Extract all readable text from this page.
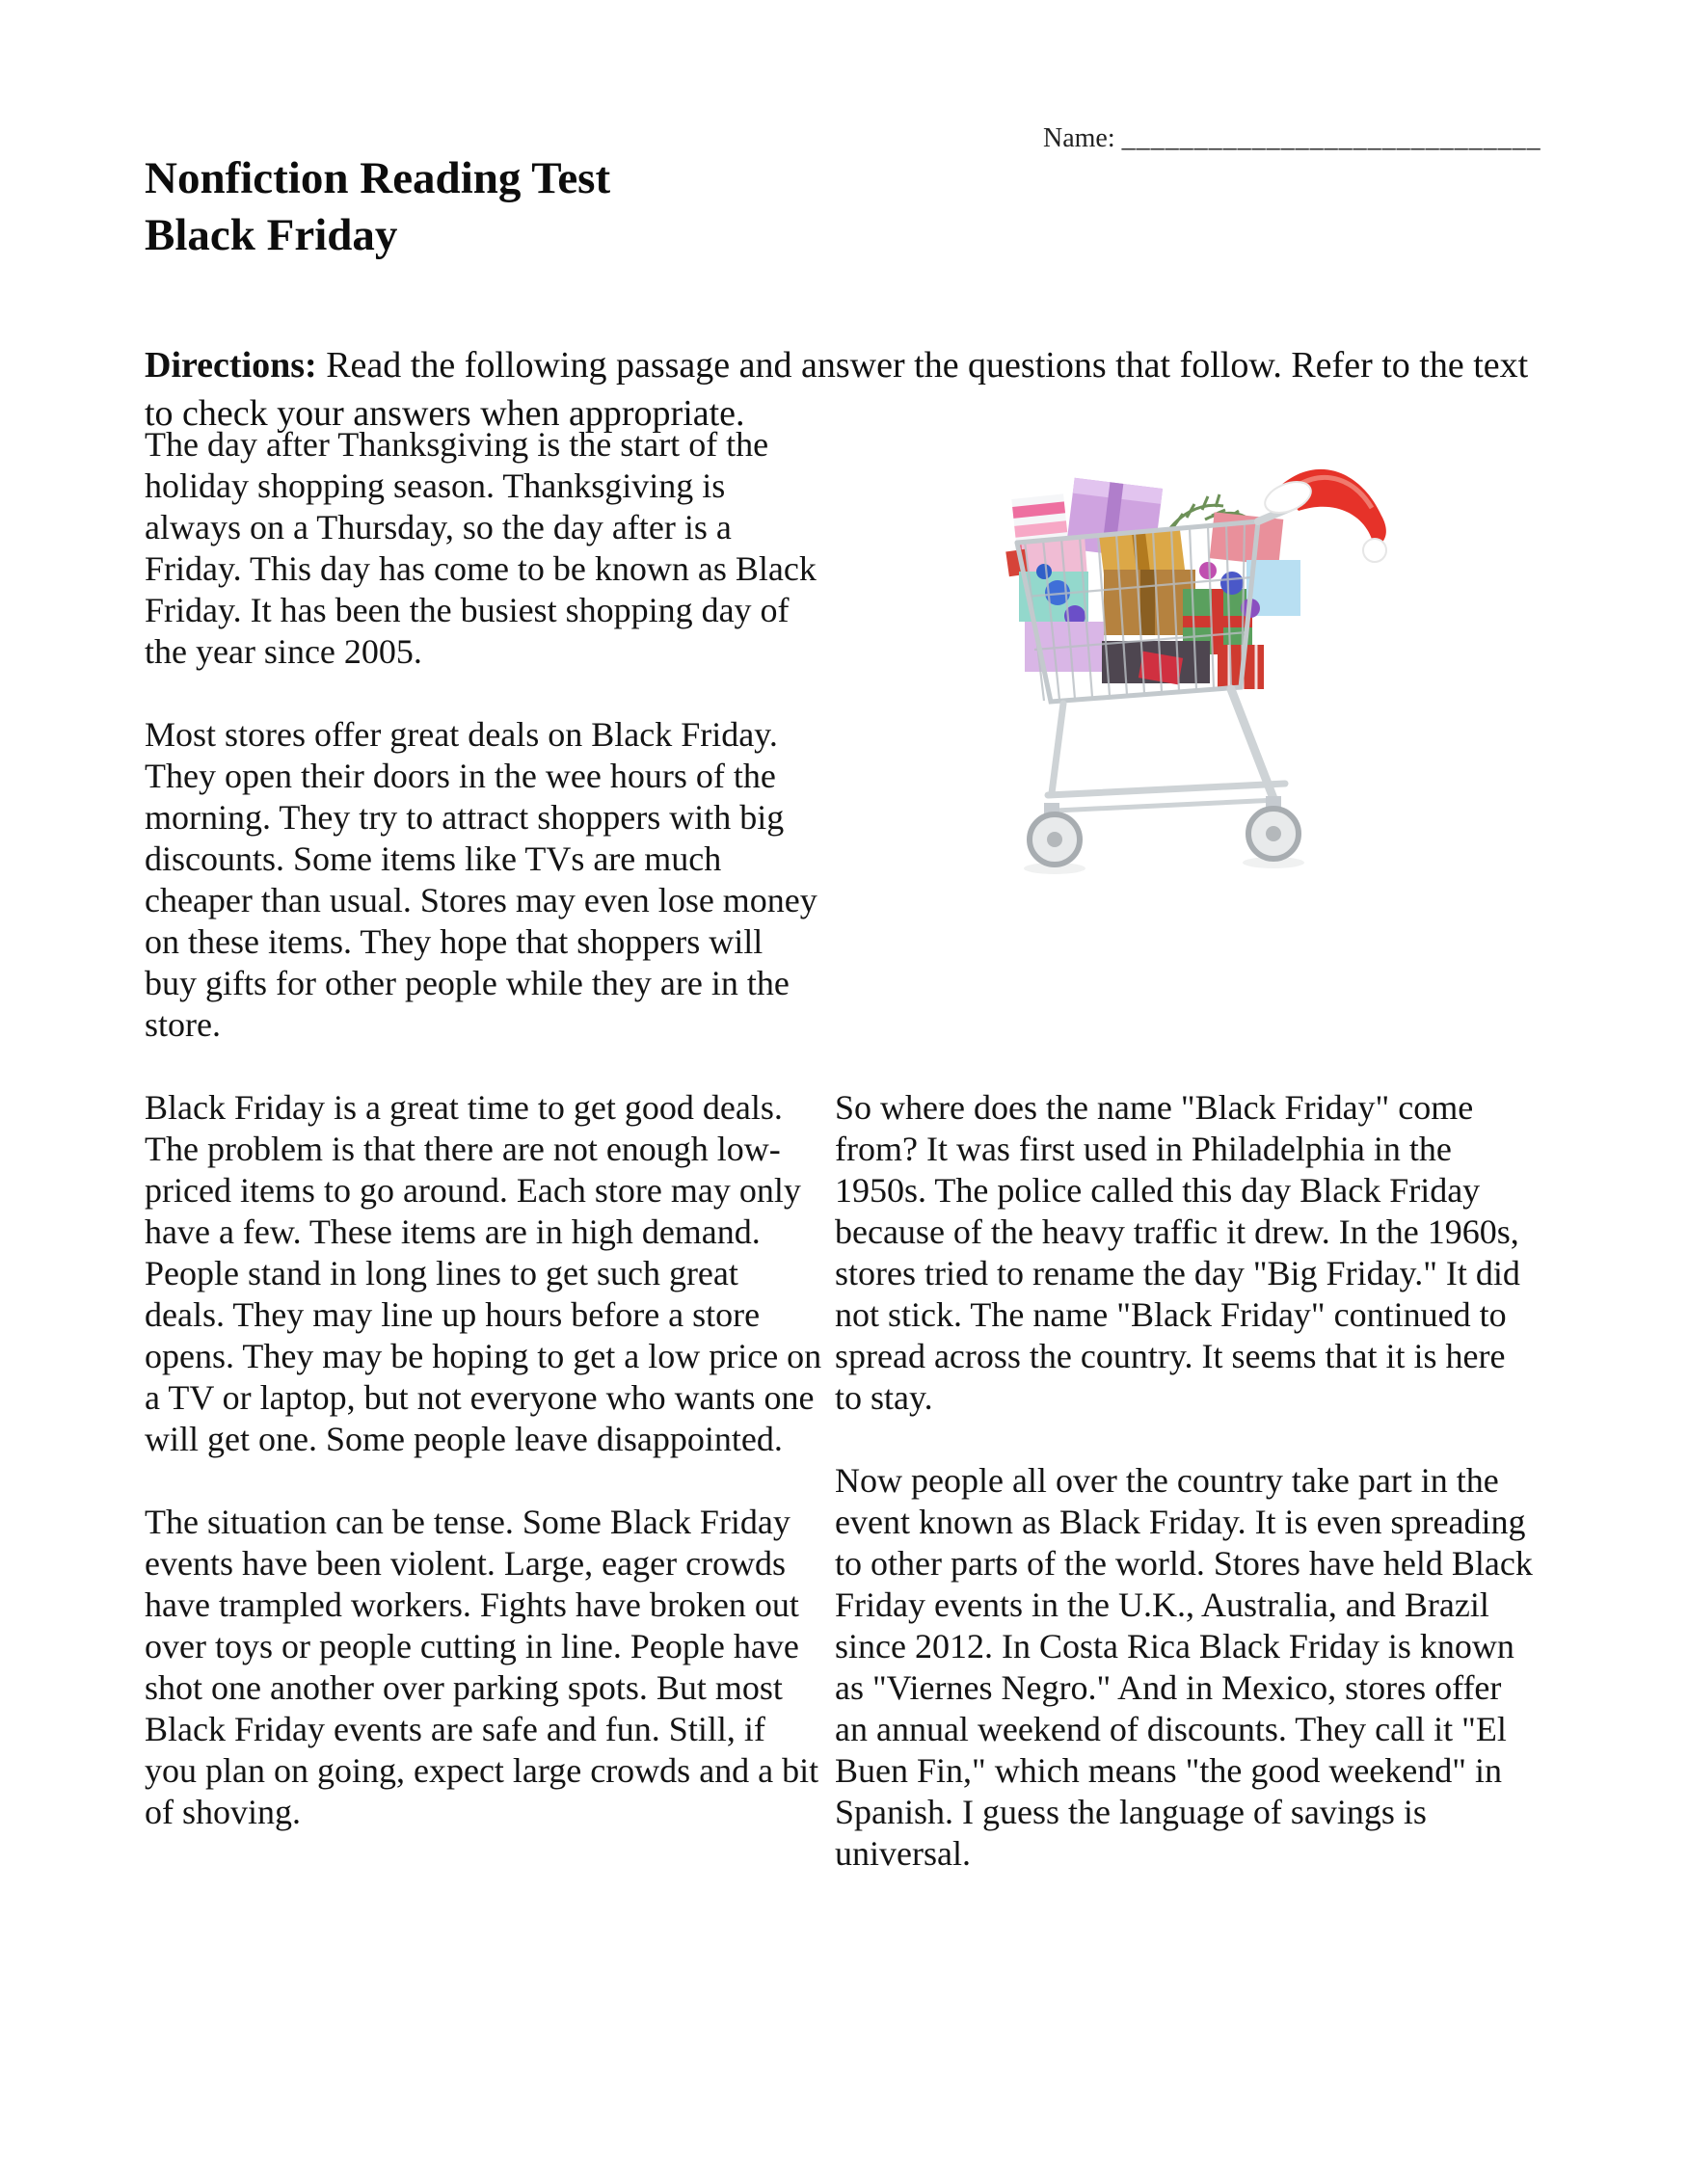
Name: _____________________________
Nonfiction Reading Test
Black Friday

Directions: Read the following passage and answer the questions that follow. Refer to the text to check your answers when appropriate.

The day after Thanksgiving is the start of the holiday shopping season. Thanksgiving is always on a Thursday, so the day after is a Friday. This day has come to be known as Black Friday. It has been the busiest shopping day of the year since 2005.

Most stores offer great deals on Black Friday. They open their doors in the wee hours of the morning. They try to attract shoppers with big discounts. Some items like TVs are much cheaper than usual. Stores may even lose money on these items. They hope that shoppers will buy gifts for other people while they are in the store.

Black Friday is a great time to get good deals. The problem is that there are not enough low-priced items to go around. Each store may only have a few. These items are in high demand. People stand in long lines to get such great deals. They may line up hours before a store opens. They may be hoping to get a low price on a TV or laptop, but not everyone who wants one will get one. Some people leave disappointed.

The situation can be tense. Some Black Friday events have been violent. Large, eager crowds have trampled workers. Fights have broken out over toys or people cutting in line. People have shot one another over parking spots. But most Black Friday events are safe and fun. Still, if you plan on going, expect large crowds and a bit of shoving.

So where does the name "Black Friday" come from? It was first used in Philadelphia in the 1950s. The police called this day Black Friday because of the heavy traffic it drew. In the 1960s, stores tried to rename the day "Big Friday." It did not stick. The name "Black Friday" continued to spread across the country. It seems that it is here to stay.

Now people all over the country take part in the event known as Black Friday. It is even spreading to other parts of the world. Stores have held Black Friday events in the U.K., Australia, and Brazil since 2012. In Costa Rica Black Friday is known as "Viernes Negro." And in Mexico, stores offer an annual weekend of discounts. They call it "El Buen Fin," which means "the good weekend" in Spanish. I guess the language of savings is universal.
